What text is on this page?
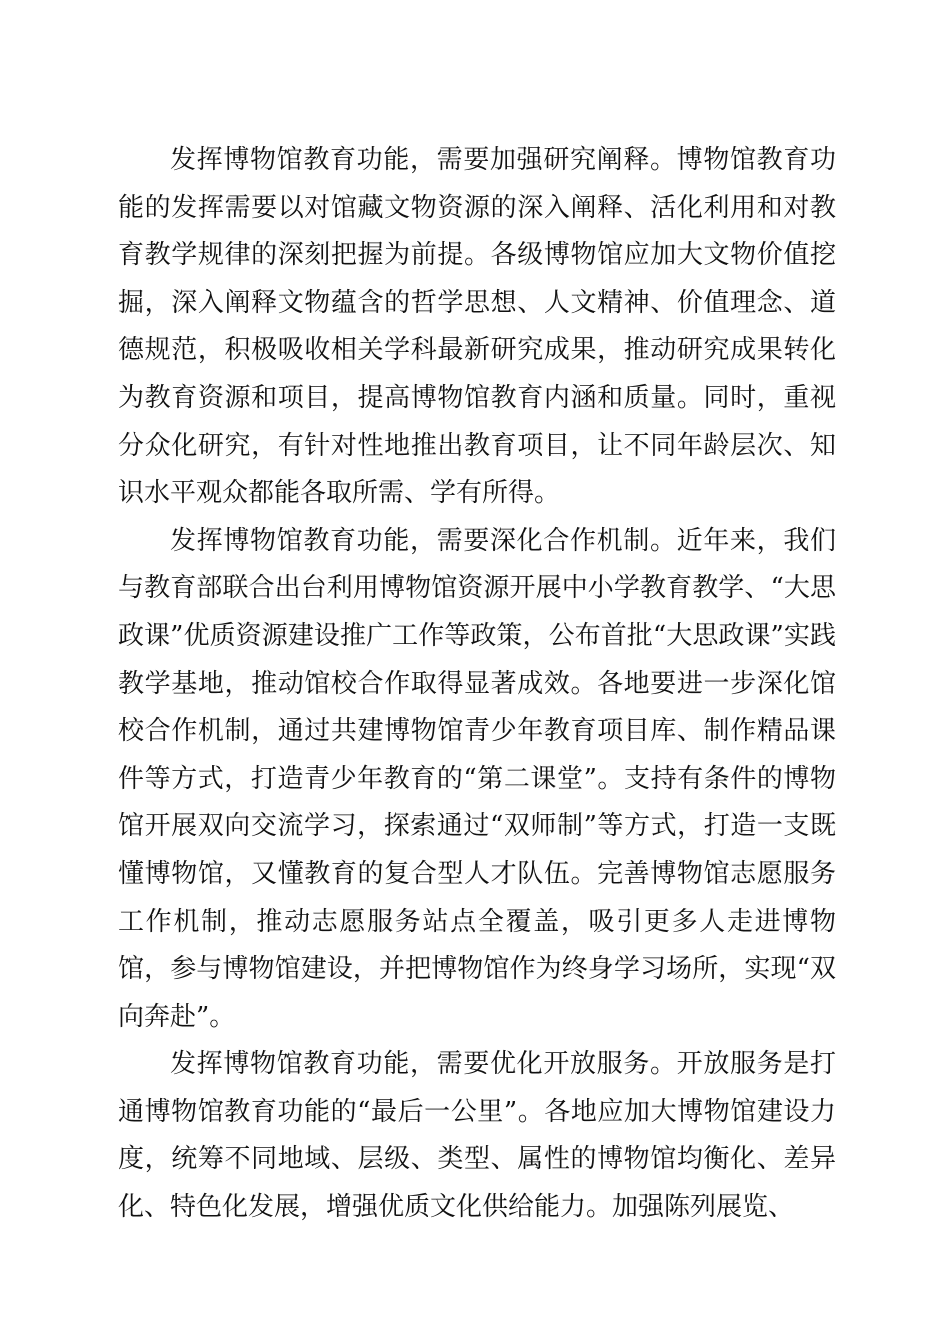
发挥博物馆教育功能，需要加强研究阐释。博物馆教育功能的发挥需要以对馆藏文物资源的深入阐释、活化利用和对教育教学规律的深刻把握为前提。各级博物馆应加大文物价值挖掘，深入阐释文物蕴含的哲学思想、人文精神、价值理念、道德规范，积极吸收相关学科最新研究成果，推动研究成果转化为教育资源和项目，提高博物馆教育内涵和质量。同时，重视分众化研究，有针对性地推出教育项目，让不同年龄层次、知识水平观众都能各取所需、学有所得。

发挥博物馆教育功能，需要深化合作机制。近年来，我们与教育部联合出台利用博物馆资源开展中小学教育教学、“大思政课”优质资源建设推广工作等政策，公布首批“大思政课”实践教学基地，推动馆校合作取得显著成效。各地要进一步深化馆校合作机制，通过共建博物馆青少年教育项目库、制作精品课件等方式，打造青少年教育的“第二课堂”。支持有条件的博物馆开展双向交流学习，探索通过“双师制”等方式，打造一支既懂博物馆，又懂教育的复合型人才队伍。完善博物馆志愿服务工作机制，推动志愿服务站点全覆盖，吸引更多人走进博物馆，参与博物馆建设，并把博物馆作为终身学习场所，实现“双向奔赴”。

发挥博物馆教育功能，需要优化开放服务。开放服务是打通博物馆教育功能的“最后一公里”。各地应加大博物馆建设力度，统筹不同地域、层级、类型、属性的博物馆均衡化、差异化、特色化发展，增强优质文化供给能力。加强陈列展览、
